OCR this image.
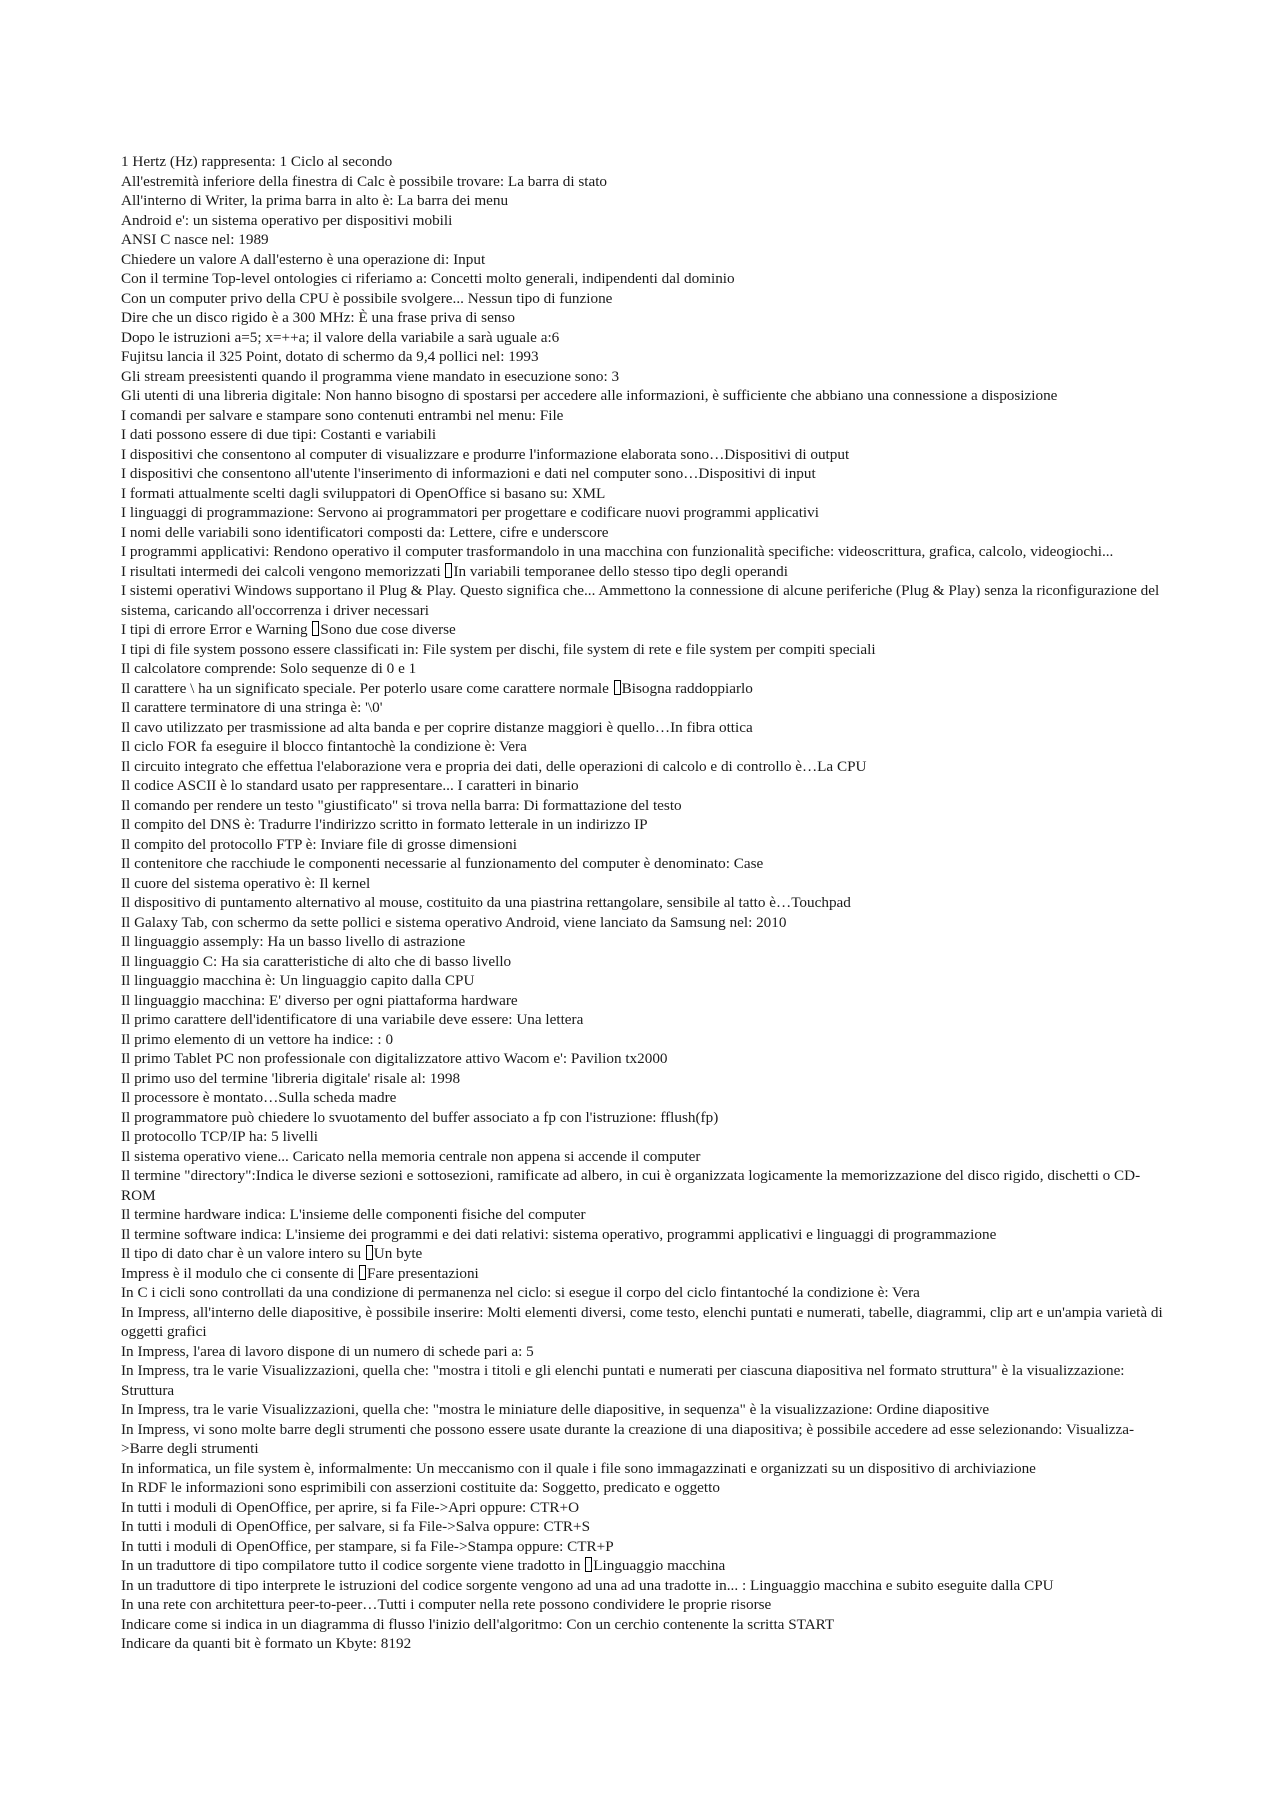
1 Hertz (Hz) rappresenta: 1 Ciclo al secondo

All'estremità inferiore della finestra di Calc è possibile trovare: La barra di stato

All'interno di Writer, la prima barra in alto è: La barra dei menu

Android e': un sistema operativo per dispositivi mobili

ANSI C nasce nel: 1989

Chiedere un valore A dall'esterno è una operazione di: Input

Con il termine Top-level ontologies ci riferiamo a: Concetti molto generali, indipendenti dal dominio

Con un computer privo della CPU è possibile svolgere... Nessun tipo di funzione

Dire che un disco rigido è a 300 MHz: È una frase priva di senso

Dopo le istruzioni a=5; x=++a; il valore della variabile a sarà uguale a:6

Fujitsu lancia il 325 Point, dotato di schermo da 9,4 pollici nel: 1993

Gli stream preesistenti quando il programma viene mandato in esecuzione sono: 3

Gli utenti di una libreria digitale: Non hanno bisogno di spostarsi per accedere alle informazioni, è sufficiente che abbiano una connessione a disposizione

I comandi per salvare e stampare sono contenuti entrambi nel menu: File

I dati possono essere di due tipi: Costanti e variabili

I dispositivi che consentono al computer di visualizzare e produrre l'informazione elaborata sono…Dispositivi di output

I dispositivi che consentono all'utente l'inserimento di informazioni e dati nel computer sono…Dispositivi di input

I formati attualmente scelti dagli sviluppatori di OpenOffice si basano su: XML

I linguaggi di programmazione: Servono ai programmatori per progettare e codificare nuovi programmi applicativi

I nomi delle variabili sono identificatori composti da: Lettere, cifre e underscore

I programmi applicativi: Rendono operativo il computer trasformandolo in una macchina con funzionalità specifiche: videoscrittura, grafica, calcolo, videogiochi...

I risultati intermedi dei calcoli vengono memorizzati In variabili temporanee dello stesso tipo degli operandi

I sistemi operativi Windows supportano il Plug & Play. Questo significa che... Ammettono la connessione di alcune periferiche (Plug & Play) senza la riconfigurazione del sistema, caricando all'occorrenza i driver necessari

I tipi di errore Error e Warning Sono due cose diverse

I tipi di file system possono essere classificati in: File system per dischi, file system di rete e file system per compiti speciali

Il calcolatore comprende: Solo sequenze di 0 e 1

Il carattere \ ha un significato speciale. Per poterlo usare come carattere normale Bisogna raddoppiarlo

Il carattere terminatore di una stringa è: '\0'

Il cavo utilizzato per trasmissione ad alta banda e per coprire distanze maggiori è quello…In fibra ottica

Il ciclo FOR fa eseguire il blocco fintantochè la condizione è: Vera

Il circuito integrato che effettua l'elaborazione vera e propria dei dati, delle operazioni di calcolo e di controllo è…La CPU

Il codice ASCII è lo standard usato per rappresentare... I caratteri in binario

Il comando per rendere un testo "giustificato" si trova nella barra: Di formattazione del testo

Il compito del DNS è: Tradurre l'indirizzo scritto in formato letterale in un indirizzo IP

Il compito del protocollo FTP è: Inviare file di grosse dimensioni

Il contenitore che racchiude le componenti necessarie al funzionamento del computer è denominato: Case

Il cuore del sistema operativo è: Il kernel

Il dispositivo di puntamento alternativo al mouse, costituito da una piastrina rettangolare, sensibile al tatto è…Touchpad

Il Galaxy Tab, con schermo da sette pollici e sistema operativo Android, viene lanciato da Samsung nel: 2010

Il linguaggio assemply: Ha un basso livello di astrazione

Il linguaggio C: Ha sia caratteristiche di alto che di basso livello

Il linguaggio macchina è: Un linguaggio capito dalla CPU

Il linguaggio macchina: E' diverso per ogni piattaforma hardware

Il primo carattere dell'identificatore di una variabile deve essere: Una lettera

Il primo elemento di un vettore ha indice: : 0

Il primo Tablet PC non professionale con digitalizzatore attivo Wacom e': Pavilion tx2000

Il primo uso del termine 'libreria digitale' risale al: 1998

Il processore è montato…Sulla scheda madre

Il programmatore può chiedere lo svuotamento del buffer associato a fp con l'istruzione: fflush(fp)

Il protocollo TCP/IP ha: 5 livelli

Il sistema operativo viene... Caricato nella memoria centrale non appena si accende il computer

Il termine "directory":Indica le diverse sezioni e sottosezioni, ramificate ad albero, in cui è organizzata logicamente la memorizzazione del disco rigido, dischetti o CD-ROM

Il termine hardware indica: L'insieme delle componenti fisiche del computer

Il termine software indica: L'insieme dei programmi e dei dati relativi: sistema operativo, programmi applicativi e linguaggi di programmazione

Il tipo di dato char è un valore intero su Un byte

Impress è il modulo che ci consente di Fare presentazioni

In C i cicli sono controllati da una condizione di permanenza nel ciclo: si esegue il corpo del ciclo fintantoché la condizione è: Vera

In Impress, all'interno delle diapositive, è possibile inserire: Molti elementi diversi, come testo, elenchi puntati e numerati, tabelle, diagrammi, clip art e un'ampia varietà di oggetti grafici

In Impress, l'area di lavoro dispone di un numero di schede pari a: 5

In Impress, tra le varie Visualizzazioni, quella che: "mostra i titoli e gli elenchi puntati e numerati per ciascuna diapositiva nel formato struttura" è la visualizzazione: Struttura

In Impress, tra le varie Visualizzazioni, quella che: "mostra le miniature delle diapositive, in sequenza" è la visualizzazione: Ordine diapositive

In Impress, vi sono molte barre degli strumenti che possono essere usate durante la creazione di una diapositiva; è possibile accedere ad esse selezionando: Visualizza->Barre degli strumenti

In informatica, un file system è, informalmente: Un meccanismo con il quale i file sono immagazzinati e organizzati su un dispositivo di archiviazione

In RDF le informazioni sono esprimibili con asserzioni costituite da: Soggetto, predicato e oggetto

In tutti i moduli di OpenOffice, per aprire, si fa File->Apri oppure: CTR+O

In tutti i moduli di OpenOffice, per salvare, si fa File->Salva oppure: CTR+S

In tutti i moduli di OpenOffice, per stampare, si fa File->Stampa oppure: CTR+P

In un traduttore di tipo compilatore tutto il codice sorgente viene tradotto in Linguaggio macchina

In un traduttore di tipo interprete le istruzioni del codice sorgente vengono ad una ad una tradotte in... : Linguaggio macchina e subito eseguite dalla CPU

In una rete con architettura peer-to-peer…Tutti i computer nella rete possono condividere le proprie risorse

Indicare come si indica in un diagramma di flusso l'inizio dell'algoritmo: Con un cerchio contenente la scritta START

Indicare da quanti bit è formato un Kbyte: 8192
